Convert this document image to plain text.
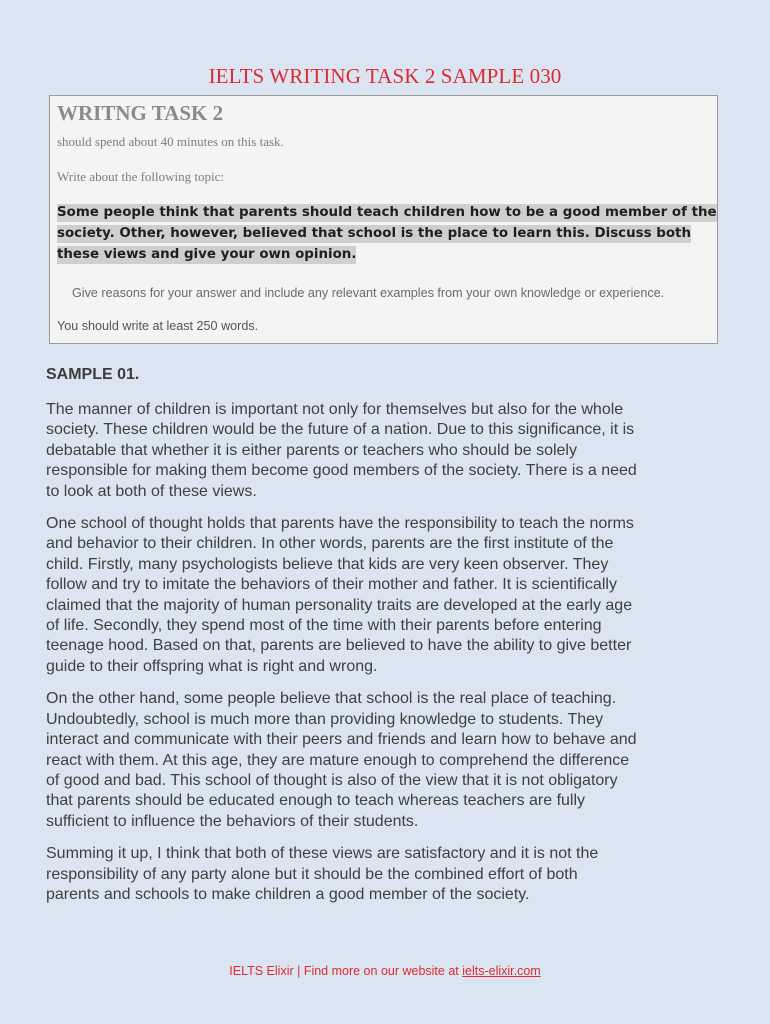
IELTS WRITING TASK 2 SAMPLE 030
WRITNG TASK 2
should spend about 40 minutes on this task.
Write about the following topic:
Some people think that parents should teach children how to be a good member of the society. Other, however, believed that school is the place to learn this. Discuss both these views and give your own opinion.
Give reasons for your answer and include any relevant examples from your own knowledge or experience.
You should write at least 250 words.
SAMPLE 01.

The manner of children is important not only for themselves but also for the whole
society. These children would be the future of a nation. Due to this significance, it is
debatable that whether it is either parents or teachers who should be solely
responsible for making them become good members of the society. There is a need
to look at both of these views.

One school of thought holds that parents have the responsibility to teach the norms
and behavior to their children. In other words, parents are the first institute of the
child. Firstly, many psychologists believe that kids are very keen observer. They
follow and try to imitate the behaviors of their mother and father. It is scientifically
claimed that the majority of human personality traits are developed at the early age
of life. Secondly, they spend most of the time with their parents before entering
teenage hood. Based on that, parents are believed to have the ability to give better
guide to their offspring what is right and wrong.

On the other hand, some people believe that school is the real place of teaching.
Undoubtedly, school is much more than providing knowledge to students. They
interact and communicate with their peers and friends and learn how to behave and
react with them. At this age, they are mature enough to comprehend the difference
of good and bad. This school of thought is also of the view that it is not obligatory
that parents should be educated enough to teach whereas teachers are fully
sufficient to influence the behaviors of their students.

Summing it up, I think that both of these views are satisfactory and it is not the
responsibility of any party alone but it should be the combined effort of both
parents and schools to make children a good member of the society.

IELTS Elixir | Find more on our website at ielts-elixir.com
